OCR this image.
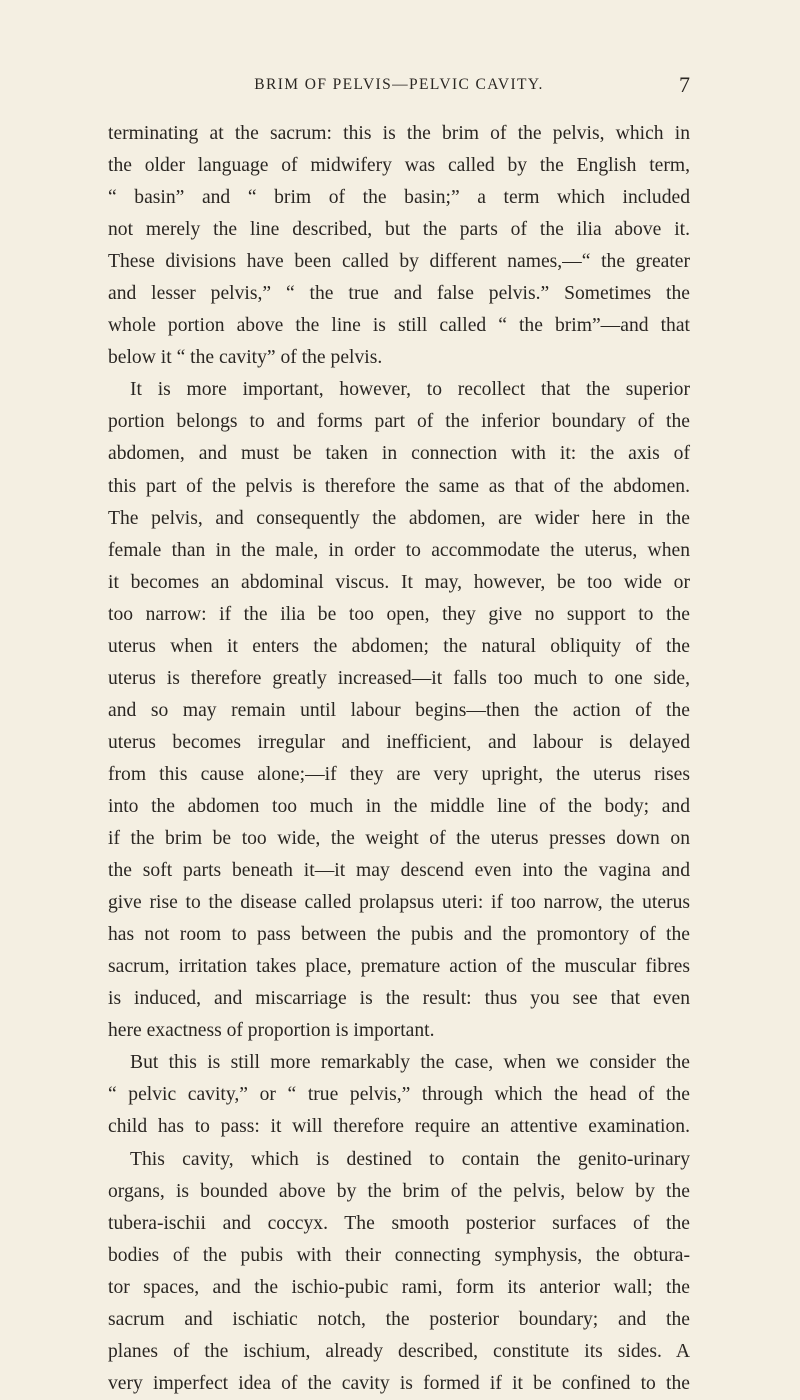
BRIM OF PELVIS—PELVIC CAVITY.	7
terminating at the sacrum: this is the brim of the pelvis, which in
the older language of midwifery was called by the English term,
“ basin” and “ brim of the basin;” a term which included
not merely the line described, but the parts of the ilia above it.
These divisions have been called by different names,—“ the greater
and lesser pelvis,” “ the true and false pelvis.” Sometimes the
whole portion above the line is still called “ the brim”—and that
below it “ the cavity” of the pelvis.
It is more important, however, to recollect that the superior
portion belongs to and forms part of the inferior boundary of the
abdomen, and must be taken in connection with it: the axis of
this part of the pelvis is therefore the same as that of the abdomen.
The pelvis, and consequently the abdomen, are wider here in the
female than in the male, in order to accommodate the uterus, when
it becomes an abdominal viscus. It may, however, be too wide or
too narrow: if the ilia be too open, they give no support to the
uterus when it enters the abdomen; the natural obliquity of the
uterus is therefore greatly increased—it falls too much to one side,
and so may remain until labour begins—then the action of the
uterus becomes irregular and inefficient, and labour is delayed
from this cause alone;—if they are very upright, the uterus rises
into the abdomen too much in the middle line of the body; and
if the brim be too wide, the weight of the uterus presses down on
the soft parts beneath it—it may descend even into the vagina and
give rise to the disease called prolapsus uteri: if too narrow, the uterus
has not room to pass between the pubis and the promontory of the
sacrum, irritation takes place, premature action of the muscular fibres
is induced, and miscarriage is the result: thus you see that even
here exactness of proportion is important.
But this is still more remarkably the case, when we consider the
“ pelvic cavity,” or “ true pelvis,” through which the head of the
child has to pass: it will therefore require an attentive examination.
This cavity, which is destined to contain the genito-urinary
organs, is bounded above by the brim of the pelvis, below by the
tubera-ischii and coccyx. The smooth posterior surfaces of the
bodies of the pubis with their connecting symphysis, the obtura-
tor spaces, and the ischio-pubic rami, form its anterior wall; the
sacrum and ischiatic notch, the posterior boundary; and the
planes of the ischium, already described, constitute its sides. A
very imperfect idea of the cavity is formed if it be confined to the
